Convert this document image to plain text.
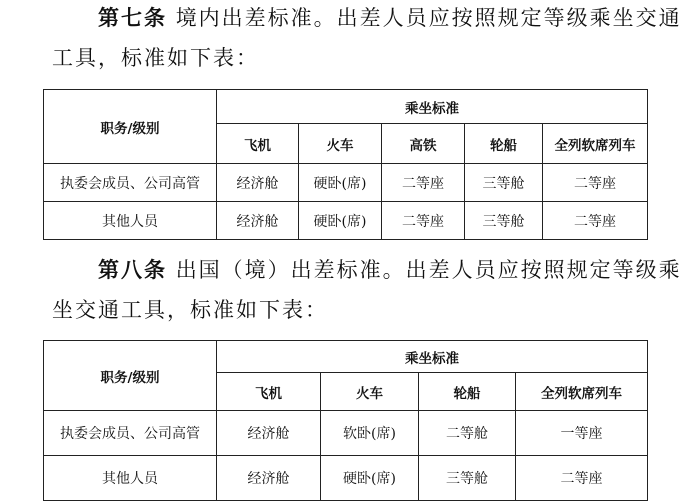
第七条 境内出差标准。出差人员应按照规定等级乘坐交通
工具，标准如下表：
职务/级别	乘坐标准				
	飞机	火车	高铁	轮船	全列软席列车
执委会成员、公司高管	经济舱	硬卧(席)	二等座	三等舱	二等座
其他人员	经济舱	硬卧(席)	二等座	三等舱	二等座
第八条 出国（境）出差标准。出差人员应按照规定等级乘
坐交通工具，标准如下表：
职务/级别	乘坐标准			
	飞机	火车	轮船	全列软席列车
执委会成员、公司高管	经济舱	软卧(席)	二等舱	一等座
其他人员	经济舱	硬卧(席)	三等舱	二等座
